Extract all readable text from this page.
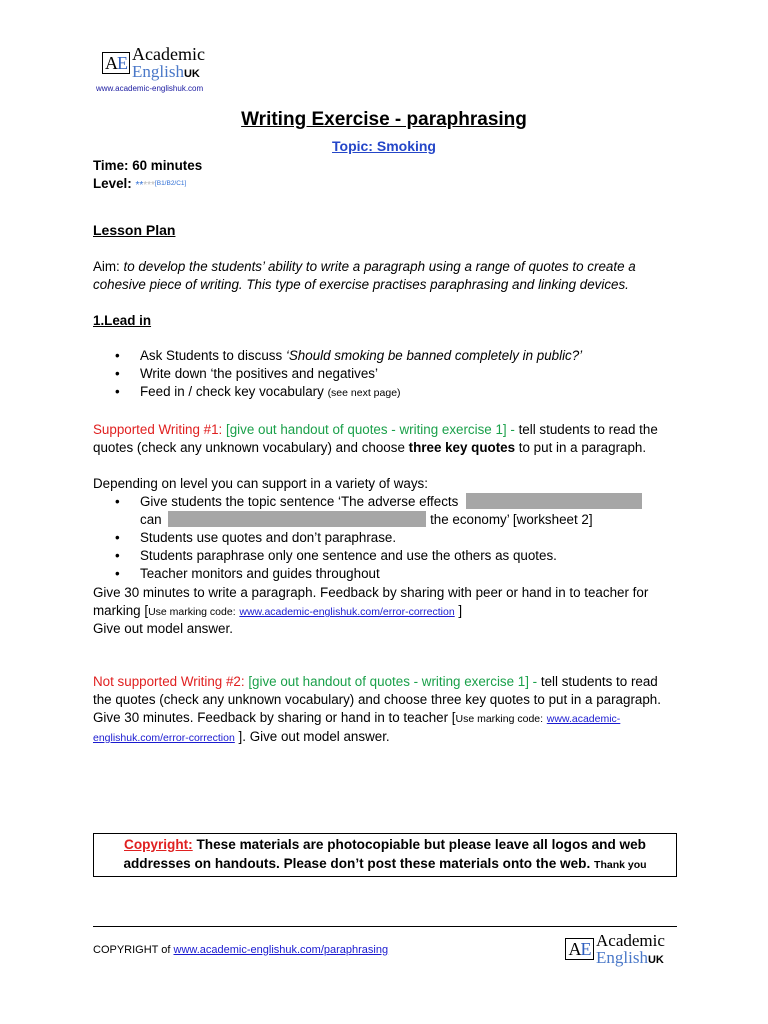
A E Academic
EnglishUK
www.academic-englishuk.com
Writing Exercise - paraphrasing
Topic: Smoking
Time: 60 minutes
Level: *****[B1/B2/C1]
Lesson Plan
Aim: to develop the students’ ability to write a paragraph using a range of quotes to create a cohesive piece of writing. This type of exercise practises paraphrasing and linking devices.
1.Lead in
• Ask Students to discuss ‘Should smoking be banned completely in public?’
• Write down ‘the positives and negatives’
• Feed in / check key vocabulary (see next page)
Supported Writing #1: [give out handout of quotes - writing exercise 1] - tell students to read the quotes (check any unknown vocabulary) and choose three key quotes to put in a paragraph.
Depending on level you can support in a variety of ways:
•	Give students the topic sentence ‘The adverse effects
can	the economy’ [worksheet 2]
• Students use quotes and don’t paraphrase.
• Students paraphrase only one sentence and use the others as quotes.
• Teacher monitors and guides throughout
Give 30 minutes to write a paragraph. Feedback by sharing with peer or hand in to teacher for marking [Use marking code: www.academic-englishuk.com/error-correction ]
Give out model answer.
Not supported Writing #2: [give out handout of quotes - writing exercise 1] - tell students to read the quotes (check any unknown vocabulary) and choose three key quotes to put in a paragraph. Give 30 minutes. Feedback by sharing or hand in to teacher [Use marking code: www.academic-englishuk.com/error-correction ]. Give out model answer.
Copyright: These materials are photocopiable but please leave all logos and web addresses on handouts. Please don’t post these materials onto the web. Thank you
COPYRIGHT of www.academic-englishuk.com/paraphrasing	A E Academic
EnglishUK
